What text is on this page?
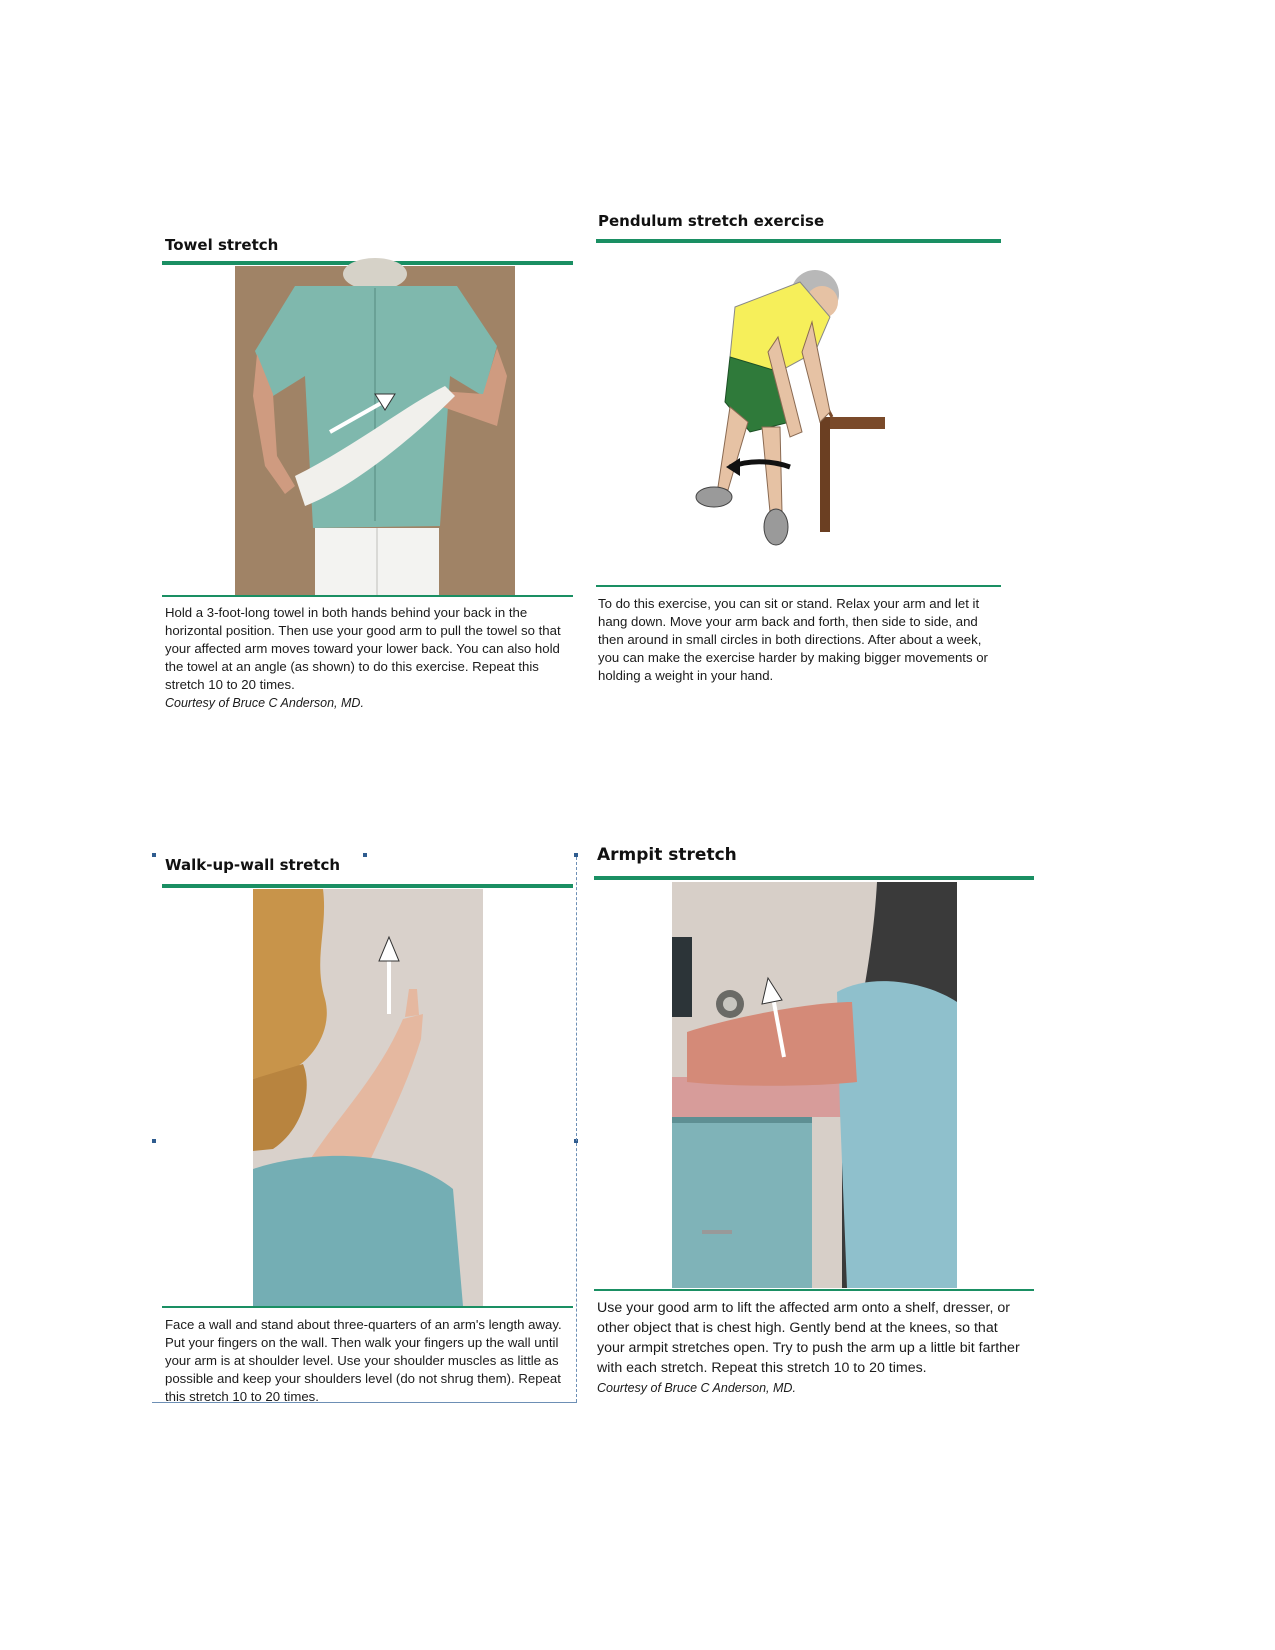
Towel stretch
Hold a 3-foot-long towel in both hands behind your back in the horizontal position. Then use your good arm to pull the towel so that your affected arm moves toward your lower back. You can also hold the towel at an angle (as shown) to do this exercise. Repeat this stretch 10 to 20 times.
Courtesy of Bruce C Anderson, MD.
Pendulum stretch exercise
To do this exercise, you can sit or stand. Relax your arm and let it hang down. Move your arm back and forth, then side to side, and then around in small circles in both directions. After about a week, you can make the exercise harder by making bigger movements or holding a weight in your hand.
Walk-up-wall stretch
Face a wall and stand about three-quarters of an arm's length away. Put your fingers on the wall. Then walk your fingers up the wall until your arm is at shoulder level. Use your shoulder muscles as little as possible and keep your shoulders level (do not shrug them). Repeat this stretch 10 to 20 times.
Armpit stretch
Use your good arm to lift the affected arm onto a shelf, dresser, or other object that is chest high. Gently bend at the knees, so that your armpit stretches open. Try to push the arm up a little bit farther with each stretch. Repeat this stretch 10 to 20 times.
Courtesy of Bruce C Anderson, MD.
